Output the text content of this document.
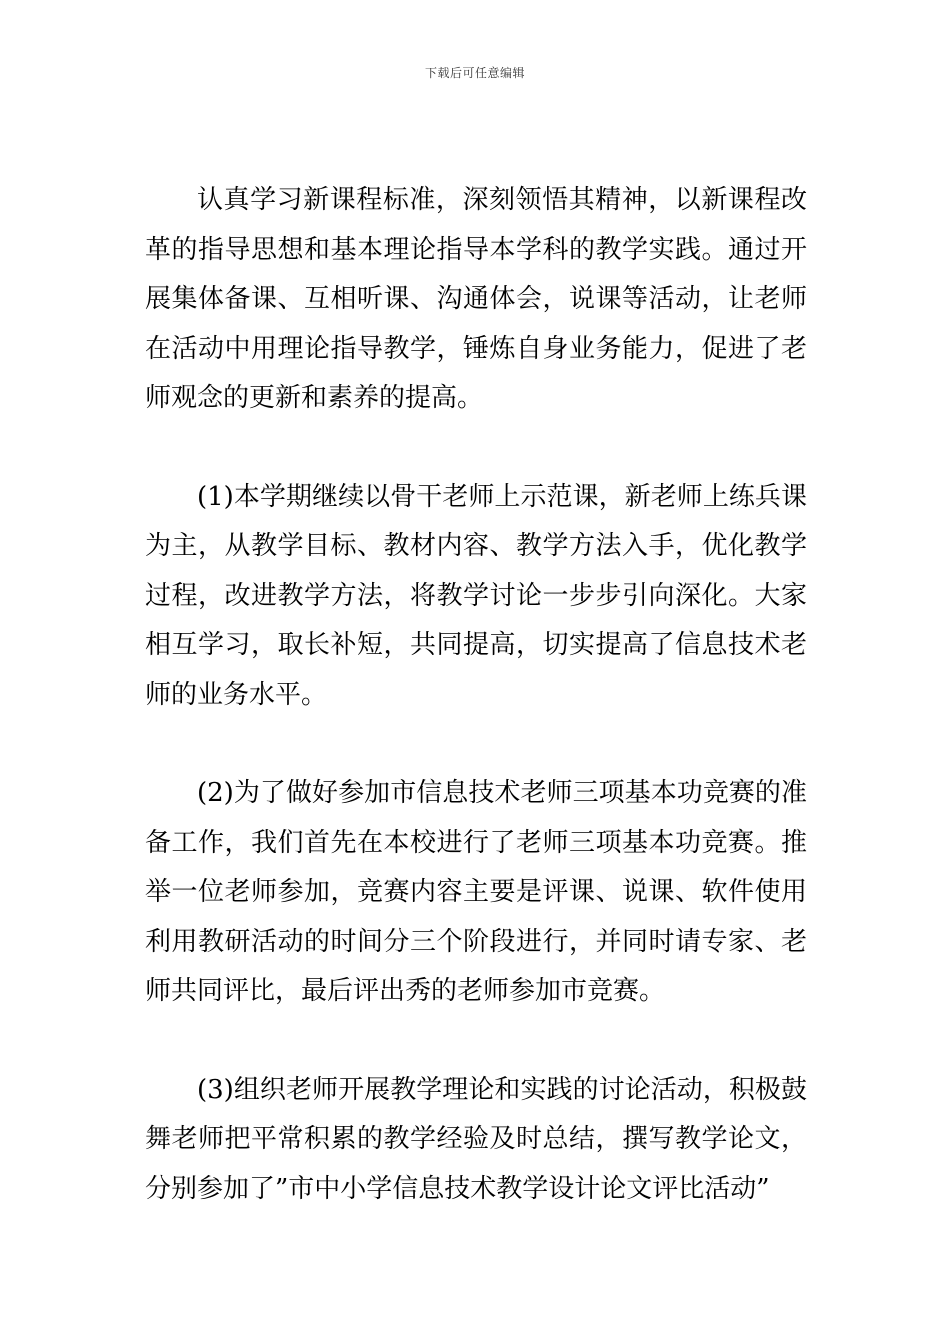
下载后可任意编辑

认真学习新课程标准，深刻领悟其精神，以新课程改革的指导思想和基本理论指导本学科的教学实践。通过开展集体备课、互相听课、沟通体会，说课等活动，让老师在活动中用理论指导教学，锤炼自身业务能力，促进了老师观念的更新和素养的提高。

(1)本学期继续以骨干老师上示范课，新老师上练兵课为主，从教学目标、教材内容、教学方法入手，优化教学过程，改进教学方法，将教学讨论一步步引向深化。大家相互学习，取长补短，共同提高，切实提高了信息技术老师的业务水平。

(2)为了做好参加市信息技术老师三项基本功竞赛的准备工作，我们首先在本校进行了老师三项基本功竞赛。推举一位老师参加，竞赛内容主要是评课、说课、软件使用利用教研活动的时间分三个阶段进行，并同时请专家、老师共同评比，最后评出秀的老师参加市竞赛。

(3)组织老师开展教学理论和实践的讨论活动，积极鼓舞老师把平常积累的教学经验及时总结，撰写教学论文，分别参加了”市中小学信息技术教学设计论文评比活动”
